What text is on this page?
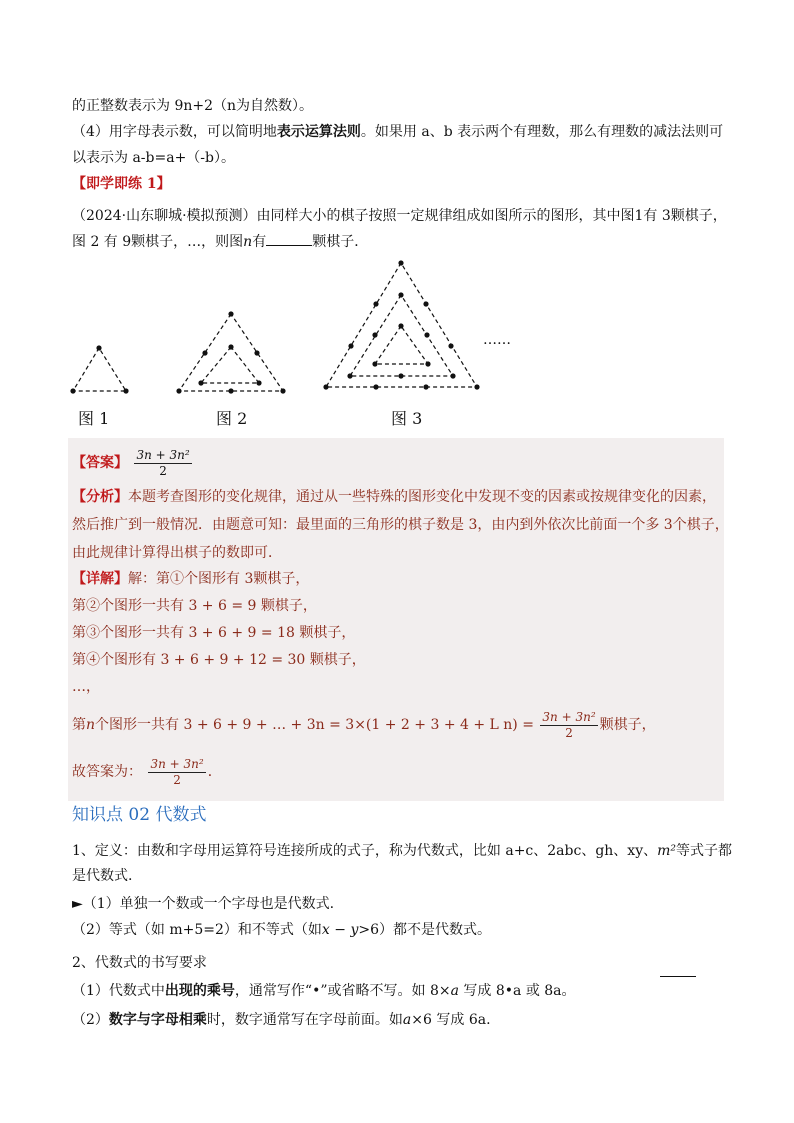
的正整数表示为 9n+2（n为自然数）。
（4）用字母表示数，可以简明地表示运算法则。如果用 a、b 表示两个有理数，那么有理数的减法法则可
以表示为 a-b=a+（-b）。
【即学即练 1】
（2024·山东聊城·模拟预测）由同样大小的棋子按照一定规律组成如图所示的图形，其中图1有 3颗棋子，
图 2 有 9颗棋子，…，则图n有	颗棋子．
……
图 1	图 2	图 3
【答案】 $\frac{\text{3n + 3n²}}{2}$
【分析】本题考查图形的变化规律，通过从一些特殊的图形变化中发现不变的因素或按规律变化的因素，
然后推广到一般情况．由题意可知：最里面的三角形的棋子数是 3，由内到外依次比前面一个多 3个棋子，
由此规律计算得出棋子的数即可．
【详解】解：第①个图形有 3颗棋子，
第②个图形一共有 3 + 6 = 9 颗棋子，
第③个图形一共有 3 + 6 + 9 = 18 颗棋子，
第④个图形有 3 + 6 + 9 + 12 = 30 颗棋子，
…，
第n个图形一共有 3 + 6 + 9 + … + 3n = 3×(1 + 2 + 3 + 4 + L $n) = \frac{\text{3n + 3n²}}{2}$ 颗棋子，
故答案为： $\frac{\text{3n + 3n²}}{2}$ ．
知识点 02 代数式
1、定义：由数和字母用运算符号连接所成的式子，称为代数式，比如 a+c、2abc、gh、xy、m²等式子都
是代数式.
►（1）单独一个数或一个字母也是代数式.
（2）等式（如 m+5=2）和不等式（如x − y>6）都不是代数式。
2、代数式的书写要求
（1）代数式中出现的乘号，通常写作“•”或省略不写。如 8×a 写成 8•a 或 8a。
（2）数字与字母相乘时，数字通常写在字母前面。如a×6 写成 6a.
